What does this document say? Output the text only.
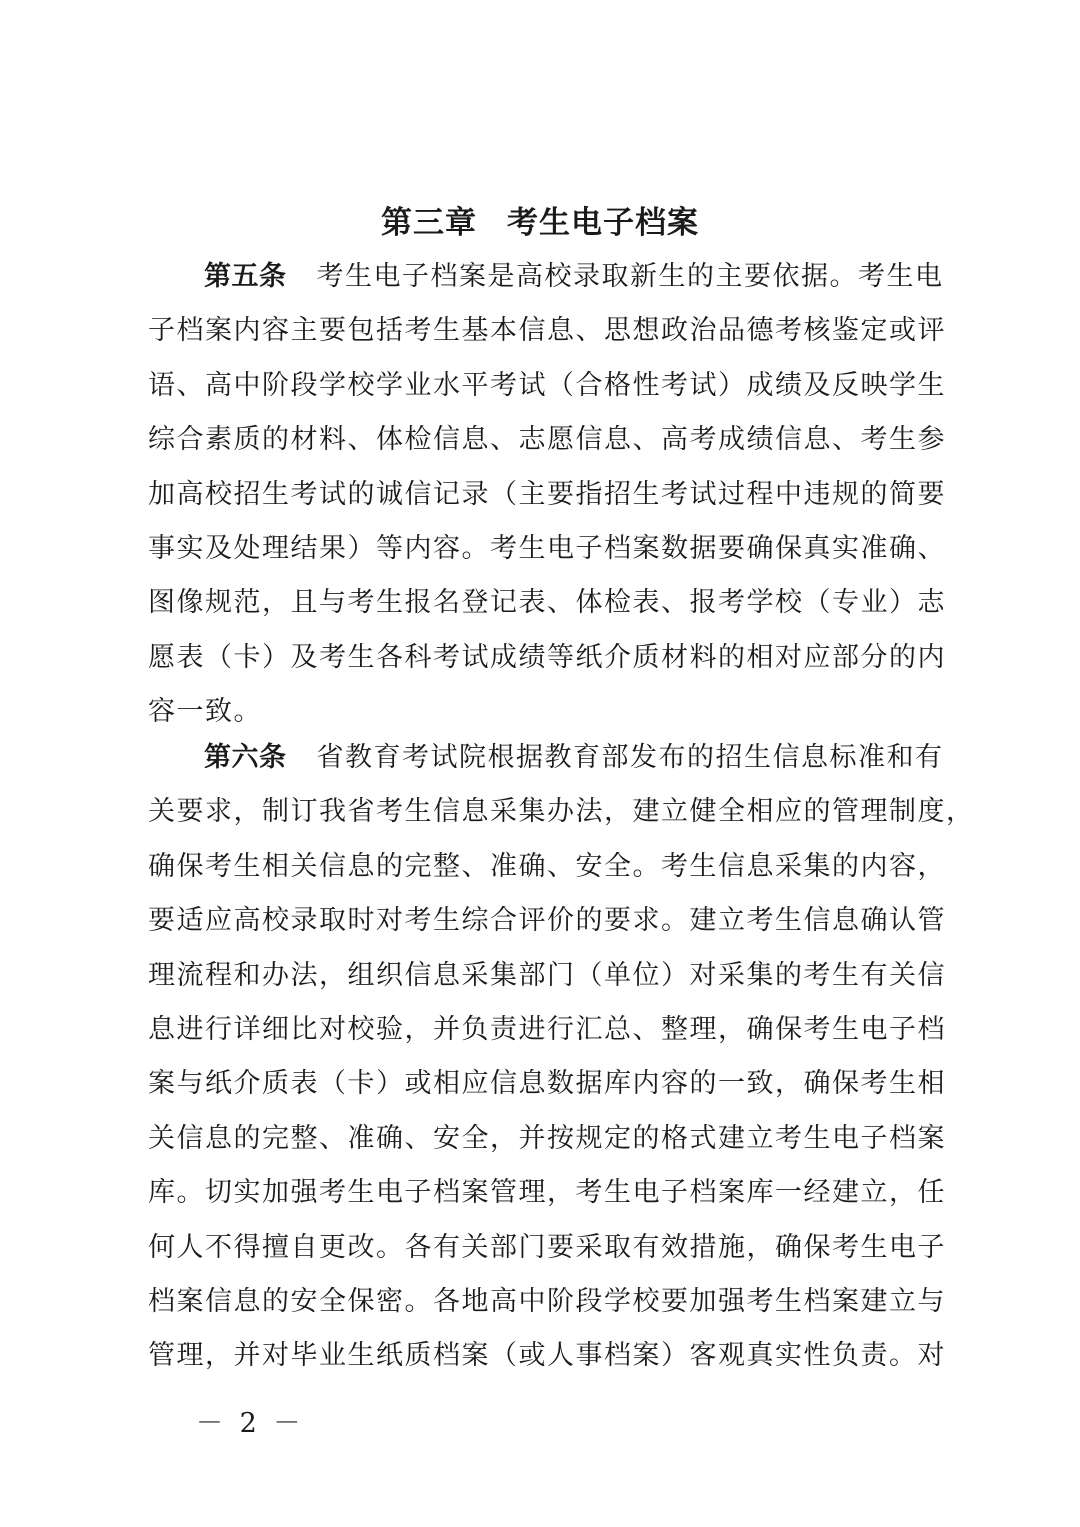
第三章 考生电子档案
第五条 考生电子档案是高校录取新生的主要依据。考生电
子档案内容主要包括考生基本信息、思想政治品德考核鉴定或评
语、高中阶段学校学业水平考试（合格性考试）成绩及反映学生
综合素质的材料、体检信息、志愿信息、高考成绩信息、考生参
加高校招生考试的诚信记录（主要指招生考试过程中违规的简要
事实及处理结果）等内容。考生电子档案数据要确保真实准确、
图像规范，且与考生报名登记表、体检表、报考学校（专业）志
愿表（卡）及考生各科考试成绩等纸介质材料的相对应部分的内
容一致。
第六条 省教育考试院根据教育部发布的招生信息标准和有
关要求，制订我省考生信息采集办法，建立健全相应的管理制度，
确保考生相关信息的完整、准确、安全。考生信息采集的内容，
要适应高校录取时对考生综合评价的要求。建立考生信息确认管
理流程和办法，组织信息采集部门（单位）对采集的考生有关信
息进行详细比对校验，并负责进行汇总、整理，确保考生电子档
案与纸介质表（卡）或相应信息数据库内容的一致，确保考生相
关信息的完整、准确、安全，并按规定的格式建立考生电子档案
库。切实加强考生电子档案管理，考生电子档案库一经建立，任
何人不得擅自更改。各有关部门要采取有效措施，确保考生电子
档案信息的安全保密。各地高中阶段学校要加强考生档案建立与
管理，并对毕业生纸质档案（或人事档案）客观真实性负责。对
－ 2 －
